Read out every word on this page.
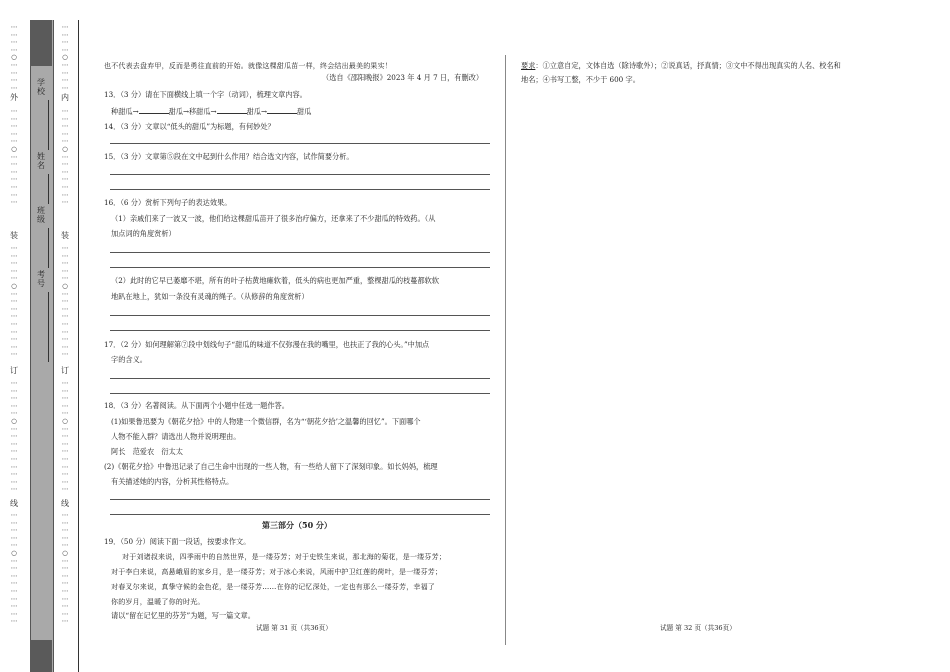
⋯
⋯
⋯
⋯
○
⋯
⋯
⋯
⋯

外
⋯
⋯
⋯
⋯
⋯
○
⋯
⋯
⋯
⋯
⋯
⋯
⋯
装
⋯
⋯
⋯
⋯
⋯
○
⋯
⋯
⋯
⋯
⋯
⋯
⋯
⋯
⋯
订
⋯
⋯
⋯
⋯
⋯
○
⋯
⋯
⋯
⋯
⋯
⋯
⋯
⋯
⋯
线
⋯
⋯
⋯
⋯
⋯
○
⋯
⋯
⋯
⋯
⋯
⋯
⋯
⋯
⋯
学校
姓名
班级
考号
⋯
⋯
⋯
⋯
○
⋯
⋯
⋯
⋯

内
⋯
⋯
⋯
⋯
⋯
○
⋯
⋯
⋯
⋯
⋯
⋯
⋯
装
⋯
⋯
⋯
⋯
⋯
○
⋯
⋯
⋯
⋯
⋯
⋯
⋯
⋯
⋯
订
⋯
⋯
⋯
⋯
⋯
○
⋯
⋯
⋯
⋯
⋯
⋯
⋯
⋯
⋯
线
⋯
⋯
⋯
⋯
⋯
○
⋯
⋯
⋯
⋯
⋯
⋯
⋯
⋯
⋯
也不代表去盘弃甲，反而是勇往直前的开始。就像这棵甜瓜苗一样，终会结出最美的果实！
（选自《邵阳晚报》2023 年 4 月 7 日，有删改）
13．（3 分）请在下面横线上填一个字（动词），梳理文章内容。
种甜瓜→	甜瓜→移甜瓜→	甜瓜→	甜瓜
14．（3 分）文章以“低头的甜瓜”为标题，有何妙处？
15．（3 分）文章第⑤段在文中起到什么作用？结合选文内容，试作简要分析。
16．（6 分）赏析下列句子的表达效果。
（1）亲戚们来了一波又一波，他们给这棵甜瓜苗开了很多治疗偏方，还拿来了不少甜瓜的特效药。（从
加点词的角度赏析）
（2）此时的它早已萎靡不堪，所有的叶子枯黄地瘫软着，低头的病也更加严重，整棵甜瓜的枝蔓都软软
地趴在地上，犹如一条没有灵魂的绳子。（从修辞的角度赏析）
17．（2 分）如何理解第⑦段中划线句子“甜瓜的味道不仅弥漫在我的嘴里，也扶正了我的心头。”中加点
字的含义。
18．（3 分）名著阅读。从下面两个小题中任选一题作答。
(1)如果鲁迅要为《朝花夕拾》中的人物建一个微信群，名为“‘朝花夕拾’之温馨的回忆”。下面哪个
人物不能入群？请选出人物并说明理由。
阿长　范爱农　衍太太
(2)《朝花夕拾》中鲁迅记录了自己生命中出现的一些人物，有一些给人留下了深刻印象。如长妈妈，梳理
有关描述她的内容，分析其性格特点。
第三部分（50 分）
19．（50 分）阅读下面一段话，按要求作文。
对于刘诸叔来说，四季雨中的自然世界，是一缕芬芳；对于史铁生来说，那北海的菊花，是一缕芬芳；
对于李白来说，高悬峨眉的家乡月，是一缕芬芳；对于冰心来说，风雨中护卫红莲的荷叶，是一缕芬芳；
对春叉尔来说，真挚守候的金色花，是一缕芬芳……在你的记忆深处，一定也有那么一缕芬芳，幸福了
你的岁月，温暖了你的时光。
请以“留在记忆里的芬芳”为题，写一篇文章。
试题 第 31 页（共36页）
要求：①立意自定，文体自选（除诗歌外）；②说真话，抒真情；③文中不得出现真实的人名、校名和
地名；④书写工整，不少于 600 字。
试题 第 32 页（共36页）
